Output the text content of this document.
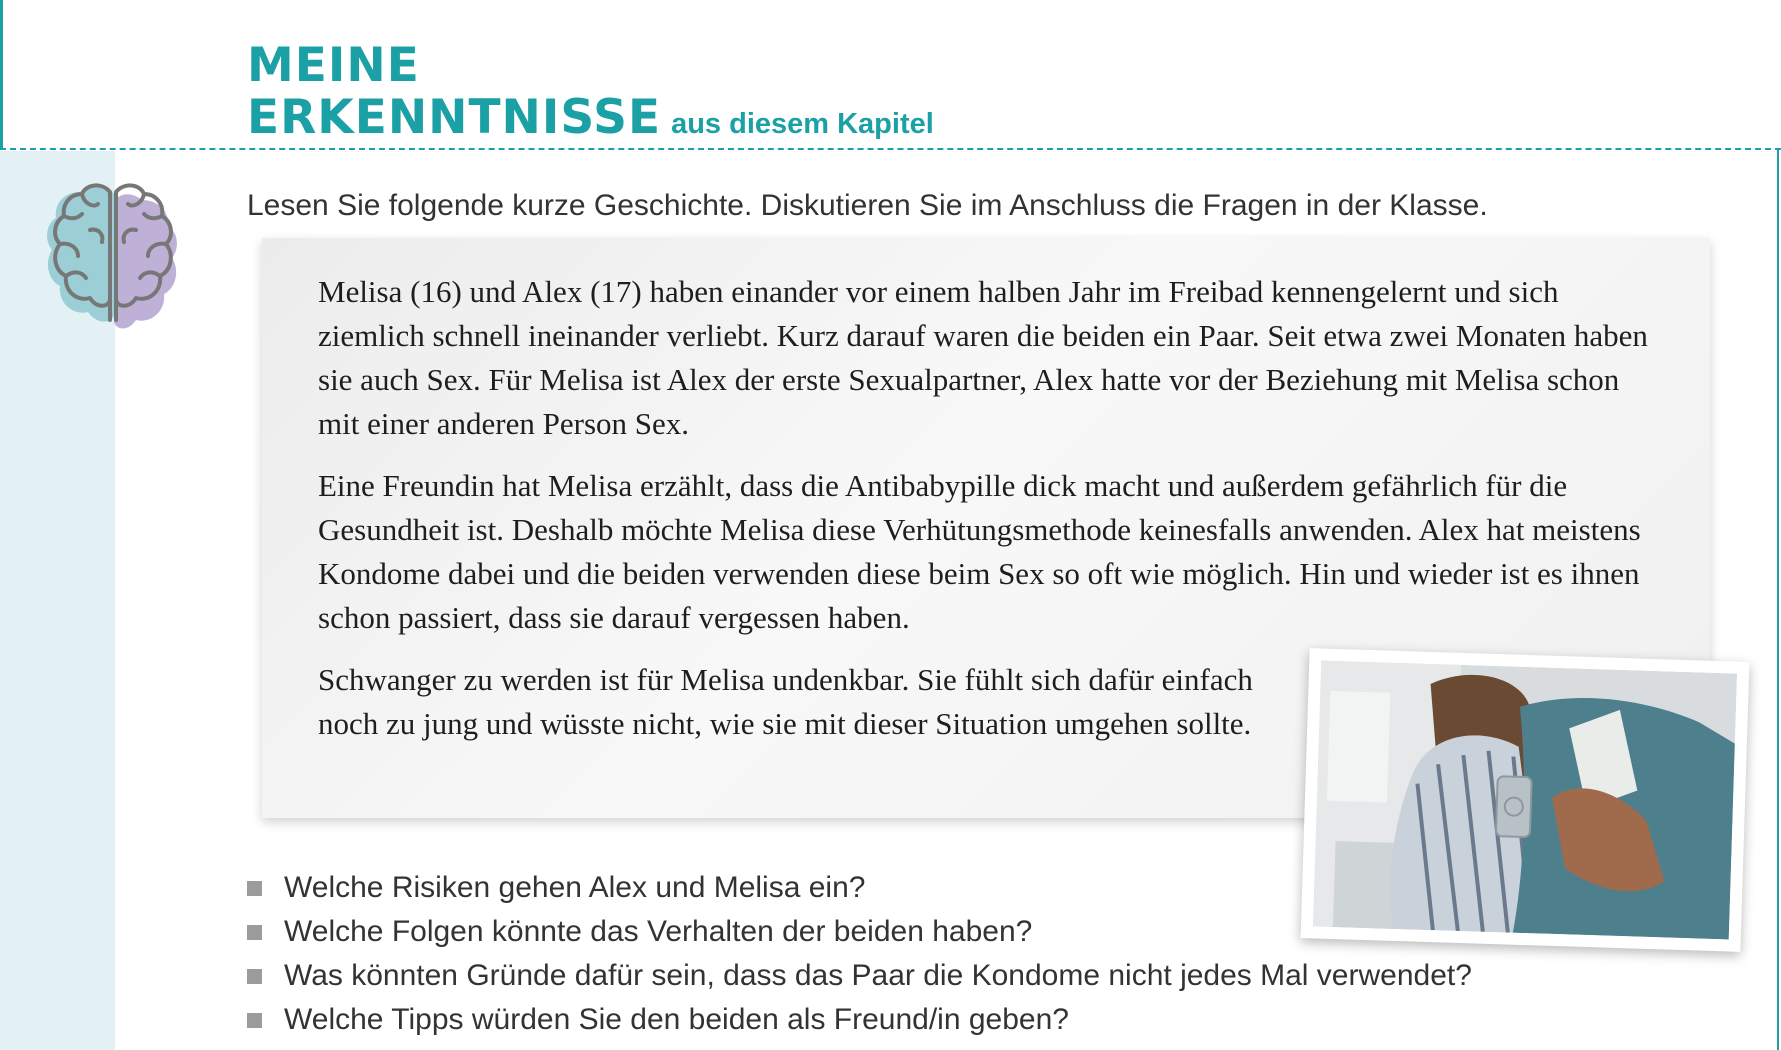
MEINE
ERKENNTNISSE aus diesem Kapitel
Lesen Sie folgende kurze Geschichte. Diskutieren Sie im Anschluss die Fragen in der Klasse.

Melisa (16) und Alex (17) haben einander vor einem halben Jahr im Freibad kennengelernt und sich ziemlich schnell ineinander verliebt. Kurz darauf waren die beiden ein Paar. Seit etwa zwei Monaten haben sie auch Sex. Für Melisa ist Alex der erste Sexualpartner, Alex hatte vor der Beziehung mit Melisa schon mit einer anderen Person Sex.

Eine Freundin hat Melisa erzählt, dass die Antibabypille dick macht und außerdem gefährlich für die Gesundheit ist. Deshalb möchte Melisa diese Verhütungsmethode keinesfalls anwenden. Alex hat meistens Kondome dabei und die beiden verwenden diese beim Sex so oft wie möglich. Hin und wieder ist es ihnen schon passiert, dass sie darauf vergessen haben.

Schwanger zu werden ist für Melisa undenkbar. Sie fühlt sich dafür einfach noch zu jung und wüsste nicht, wie sie mit dieser Situation umgehen sollte.

Welche Risiken gehen Alex und Melisa ein?
Welche Folgen könnte das Verhalten der beiden haben?
Was könnten Gründe dafür sein, dass das Paar die Kondome nicht jedes Mal verwendet?
Welche Tipps würden Sie den beiden als Freund/in geben?
